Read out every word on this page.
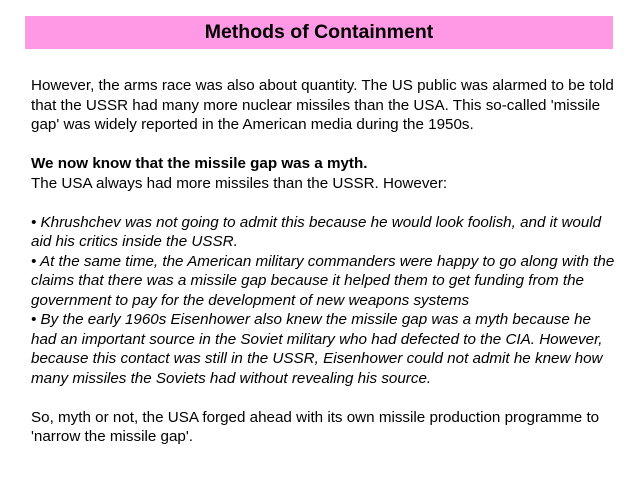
Methods of Containment

However, the arms race was also about quantity. The US public was alarmed to be told that the USSR had many more nuclear missiles than the USA. This so-called 'missile gap' was widely reported in the American media during the 1950s.

We now know that the missile gap was a myth.

The USA always had more missiles than the USSR. However:

• Khrushchev was not going to admit this because he would look foolish, and it would aid his critics inside the USSR.

• At the same time, the American military commanders were happy to go along with the claims that there was a missile gap because it helped them to get funding from the government to pay for the development of new weapons systems

• By the early 1960s Eisenhower also knew the missile gap was a myth because he had an important source in the Soviet military who had defected to the CIA. However, because this contact was still in the USSR, Eisenhower could not admit he knew how many missiles the Soviets had without revealing his source.

So, myth or not, the USA forged ahead with its own missile production programme to 'narrow the missile gap'.
